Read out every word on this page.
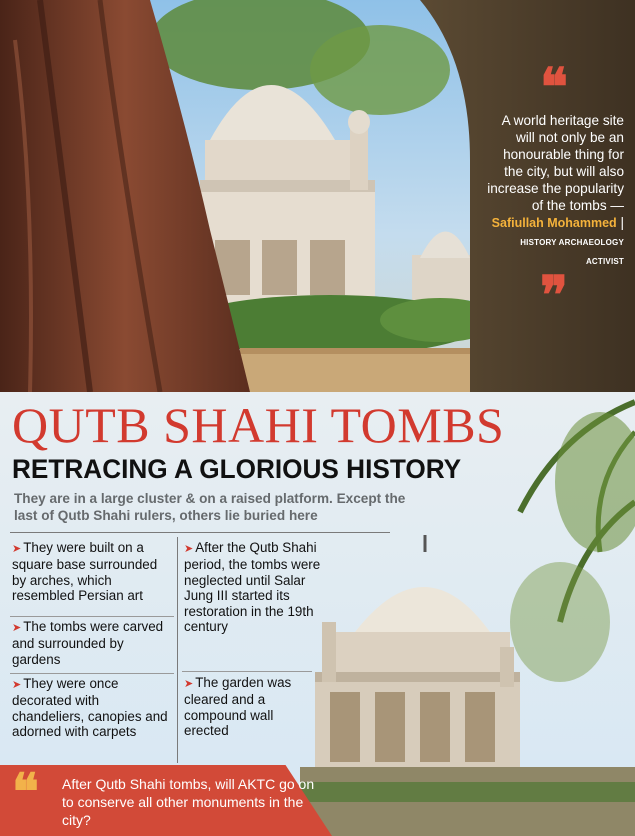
❝
A world heritage site will not only be an honourable thing for the city, but will also increase the popularity of the tombs — Safiullah Mohammed | HISTORY ARCHAEOLOGY ACTIVIST
❞
QUTB SHAHI TOMBS
RETRACING A GLORIOUS HISTORY
They are in a large cluster & on a raised platform. Except the last of Qutb Shahi rulers, others lie buried here
➤ They were built on a square base surrounded by arches, which resembled Persian art
➤ The tombs were carved and surrounded by gardens
➤ They were once decorated with chandeliers, canopies and adorned with carpets
➤ After the Qutb Shahi period, the tombs were neglected until Salar Jung III started its restoration in the 19th century
➤ The garden was cleared and a compound wall erected
❝ After Qutb Shahi tombs, will AKTC go on to conserve all other monuments in the city?
